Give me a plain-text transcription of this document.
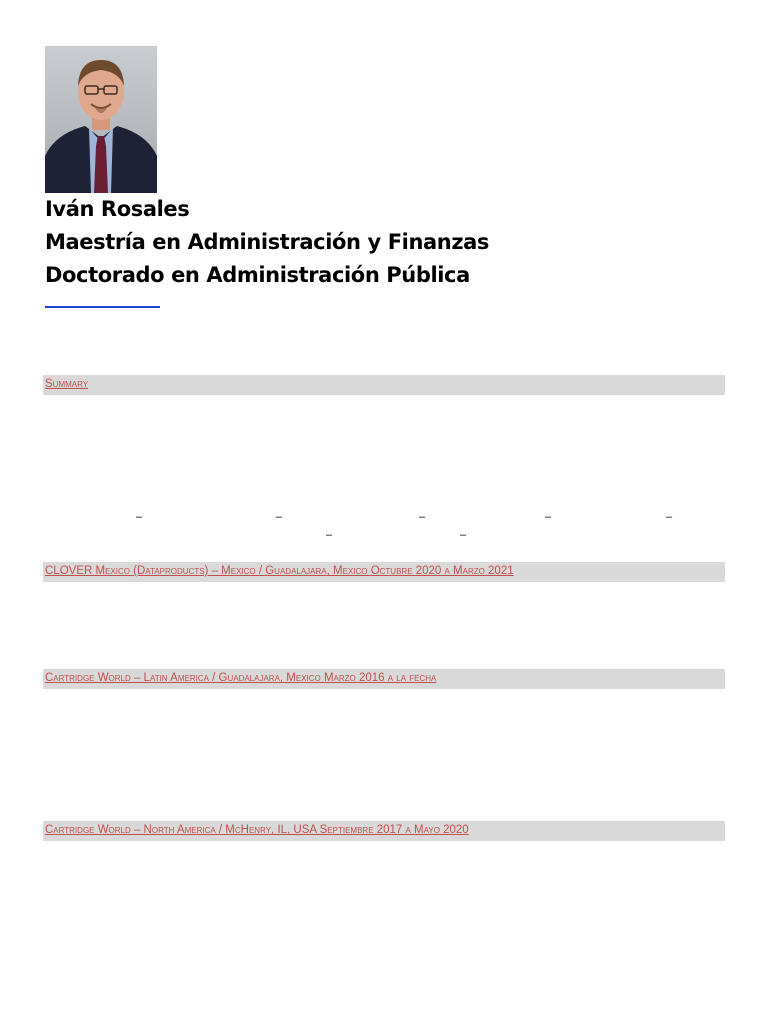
Iván Rosales
Maestría en Administración y Finanzas
Doctorado en Administración Pública
Summary
–	–	–	–	–
–	–
CLOVER Mexico (Dataproducts) – Mexico / Guadalajara, Mexico Octubre 2020 a Marzo 2021
Cartridge World – Latin America / Guadalajara, Mexico Marzo 2016 a la fecha
Cartridge World – North America / McHenry, IL, USA Septiembre 2017 a Mayo 2020
